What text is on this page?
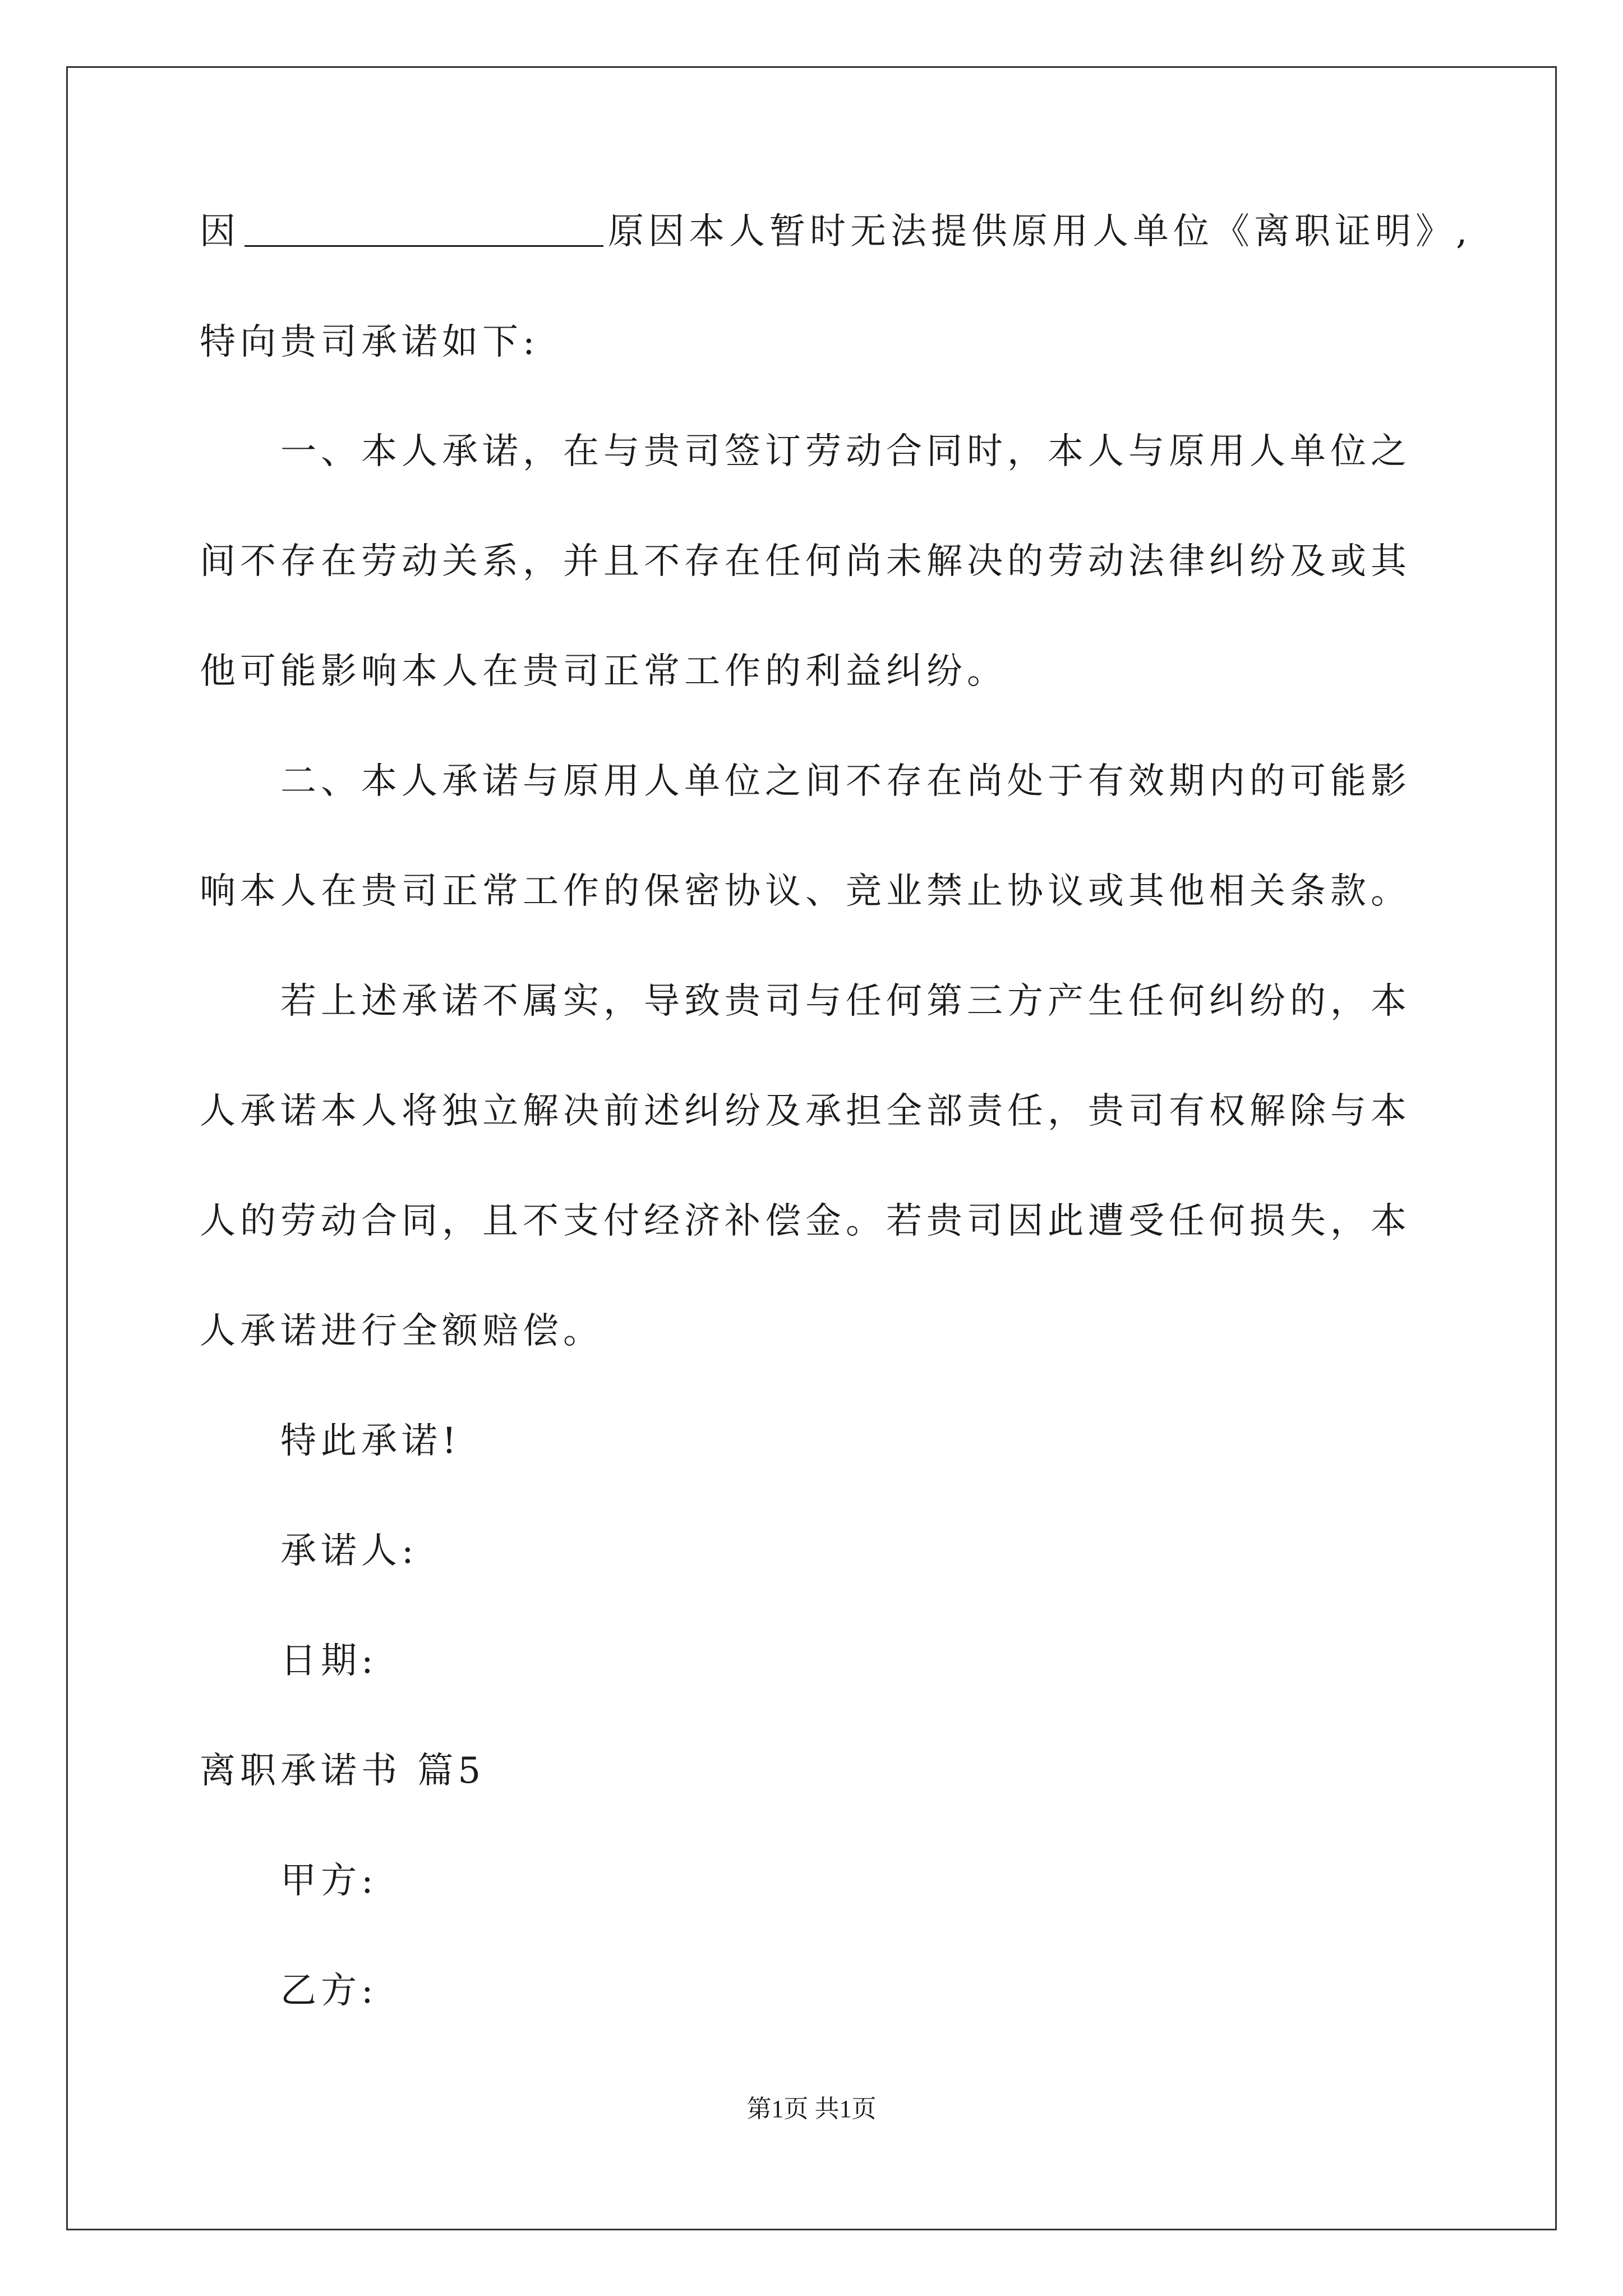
因	原因本人暂时无法提供原用人单位《离职证明》,
特向贵司承诺如下:
一、本人承诺，在与贵司签订劳动合同时，本人与原用人单位之
间不存在劳动关系，并且不存在任何尚未解决的劳动法律纠纷及或其
他可能影响本人在贵司正常工作的利益纠纷。
二、本人承诺与原用人单位之间不存在尚处于有效期内的可能影
响本人在贵司正常工作的保密协议、竞业禁止协议或其他相关条款。
若上述承诺不属实，导致贵司与任何第三方产生任何纠纷的，本
人承诺本人将独立解决前述纠纷及承担全部责任，贵司有权解除与本
人的劳动合同，且不支付经济补偿金。若贵司因此遭受任何损失，本
人承诺进行全额赔偿。
特此承诺!
承诺人:
日期:
离职承诺书 篇5
甲方:
乙方:
第1页 共1页
